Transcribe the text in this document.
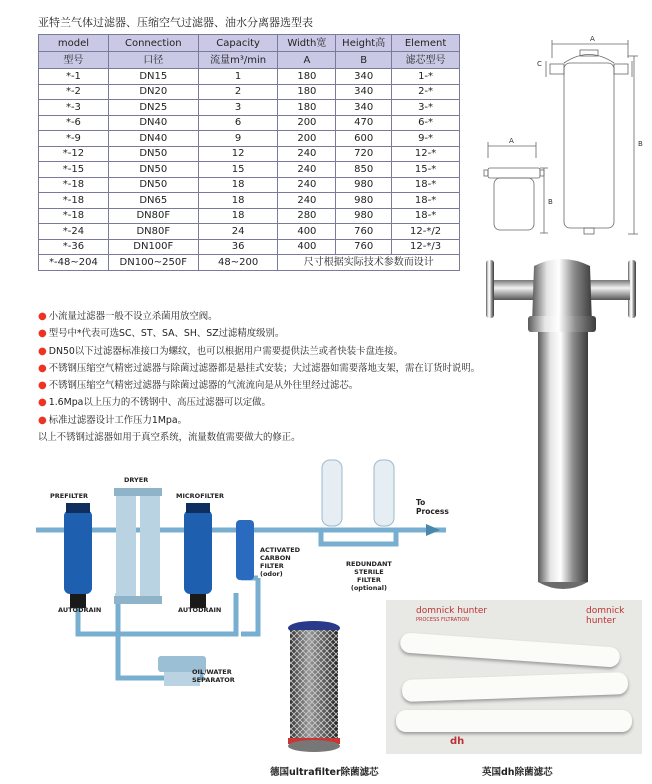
亚特兰气体过滤器、压缩空气过滤器、油水分离器选型表
model	Connection	Capacity	Width宽	Height高	Element
型号	口径	流量m³/min	A	B	滤芯型号
*-1	DN15	1	180	340	1-*
*-2	DN20	2	180	340	2-*
*-3	DN25	3	180	340	3-*
*-6	DN40	6	200	470	6-*
*-9	DN40	9	200	600	9-*
*-12	DN50	12	240	720	12-*
*-15	DN50	15	240	850	15-*
*-18	DN50	18	240	980	18-*
*-18	DN65	18	240	980	18-*
*-18	DN80F	18	280	980	18-*
*-24	DN80F	24	400	760	12-*/2
*-36	DN100F	36	400	760	12-*/3
*-48~204	DN100~250F	48~200	尺寸根据实际技术参数而设计		
● 小流量过滤器一般不设立杀菌用放空阀。
● 型号中*代表可选SC、ST、SA、SH、SZ过滤精度级别。
● DN50以下过滤器标准接口为螺纹，也可以根据用户需要提供法兰或者快装卡盘连接。
● 不锈钢压缩空气精密过滤器与除菌过滤器都是悬挂式安装；大过滤器如需要落地支架，需在订货时说明。
● 不锈钢压缩空气精密过滤器与除菌过滤器的气流流向是从外往里经过滤芯。
● 1.6Mpa以上压力的不锈钢中、高压过滤器可以定做。
● 标准过滤器设计工作压力1Mpa。
以上不锈钢过滤器如用于真空系统，流量数值需要做大的修正。
A
B
C
A
B
PREFILTER
DRYER
MICROFILTER
AUTODRAIN	AUTODRAIN
ACTIVATED
CARBON
FILTER
(odor)
REDUNDANT
STERILE
FILTER
(optional)
To
Process
OIL/WATER
SEPARATOR
domnick hunter
PROCESS FILTRATION
domnick hunter
dh
德国ultrafilter除菌滤芯	英国dh除菌滤芯
